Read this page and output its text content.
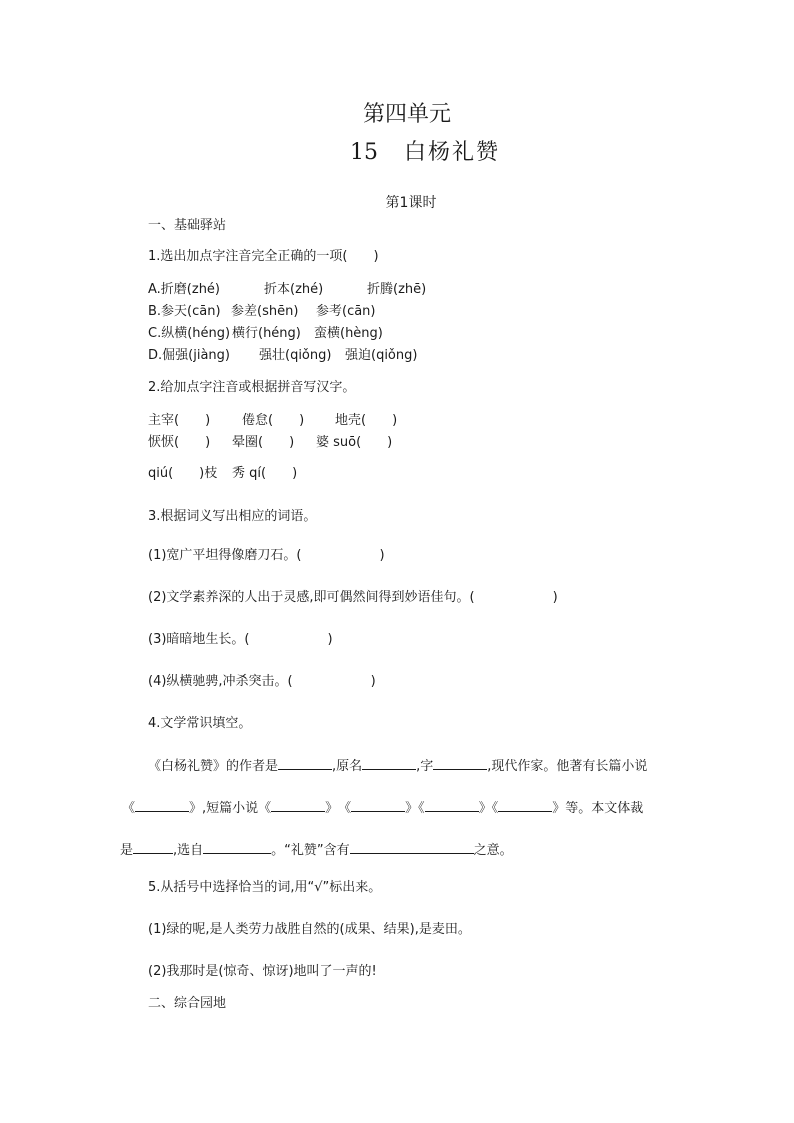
第四单元
15 白杨礼赞
第1课时
一、基础驿站
1.选出加点字注音完全正确的一项(　　)
A.折磨(zhé)	折本(zhé)	折腾(zhē)
B.参天(cān) 参差(shēn) 参考(cān)
C.纵横(héng) 横行(héng) 蛮横(hèng)
D.倔强(jiàng) 强壮(qiǒng) 强迫(qiǒng)
2.给加点字注音或根据拼音写汉字。
主宰(　　) 倦怠(　　) 地壳(　　)
恹恹(　　) 晕圈(　　) 婆 suō(　　)
qiú(　　)枝 秀 qí(　　)
3.根据词义写出相应的词语。
(1)宽广平坦得像磨刀石。(　　　　　　)
(2)文学素养深的人出于灵感,即可偶然间得到妙语佳句。(　　　　　　)
(3)暗暗地生长。(　　　　　　)
(4)纵横驰骋,冲杀突击。(　　　　　　)
4.文学常识填空。
《白杨礼赞》的作者是	,原名	,字	,现代作家。他著有长篇小说
《	》,短篇小说《	》　《	》《	》《	》等。本文体裁
是	,选自	。“礼赞”含有	之意。
5.从括号中选择恰当的词,用“√”标出来。
(1)绿的呢,是人类劳力战胜自然的(成果、结果),是麦田。
(2)我那时是(惊奇、惊讶)地叫了一声的!
二、综合园地
